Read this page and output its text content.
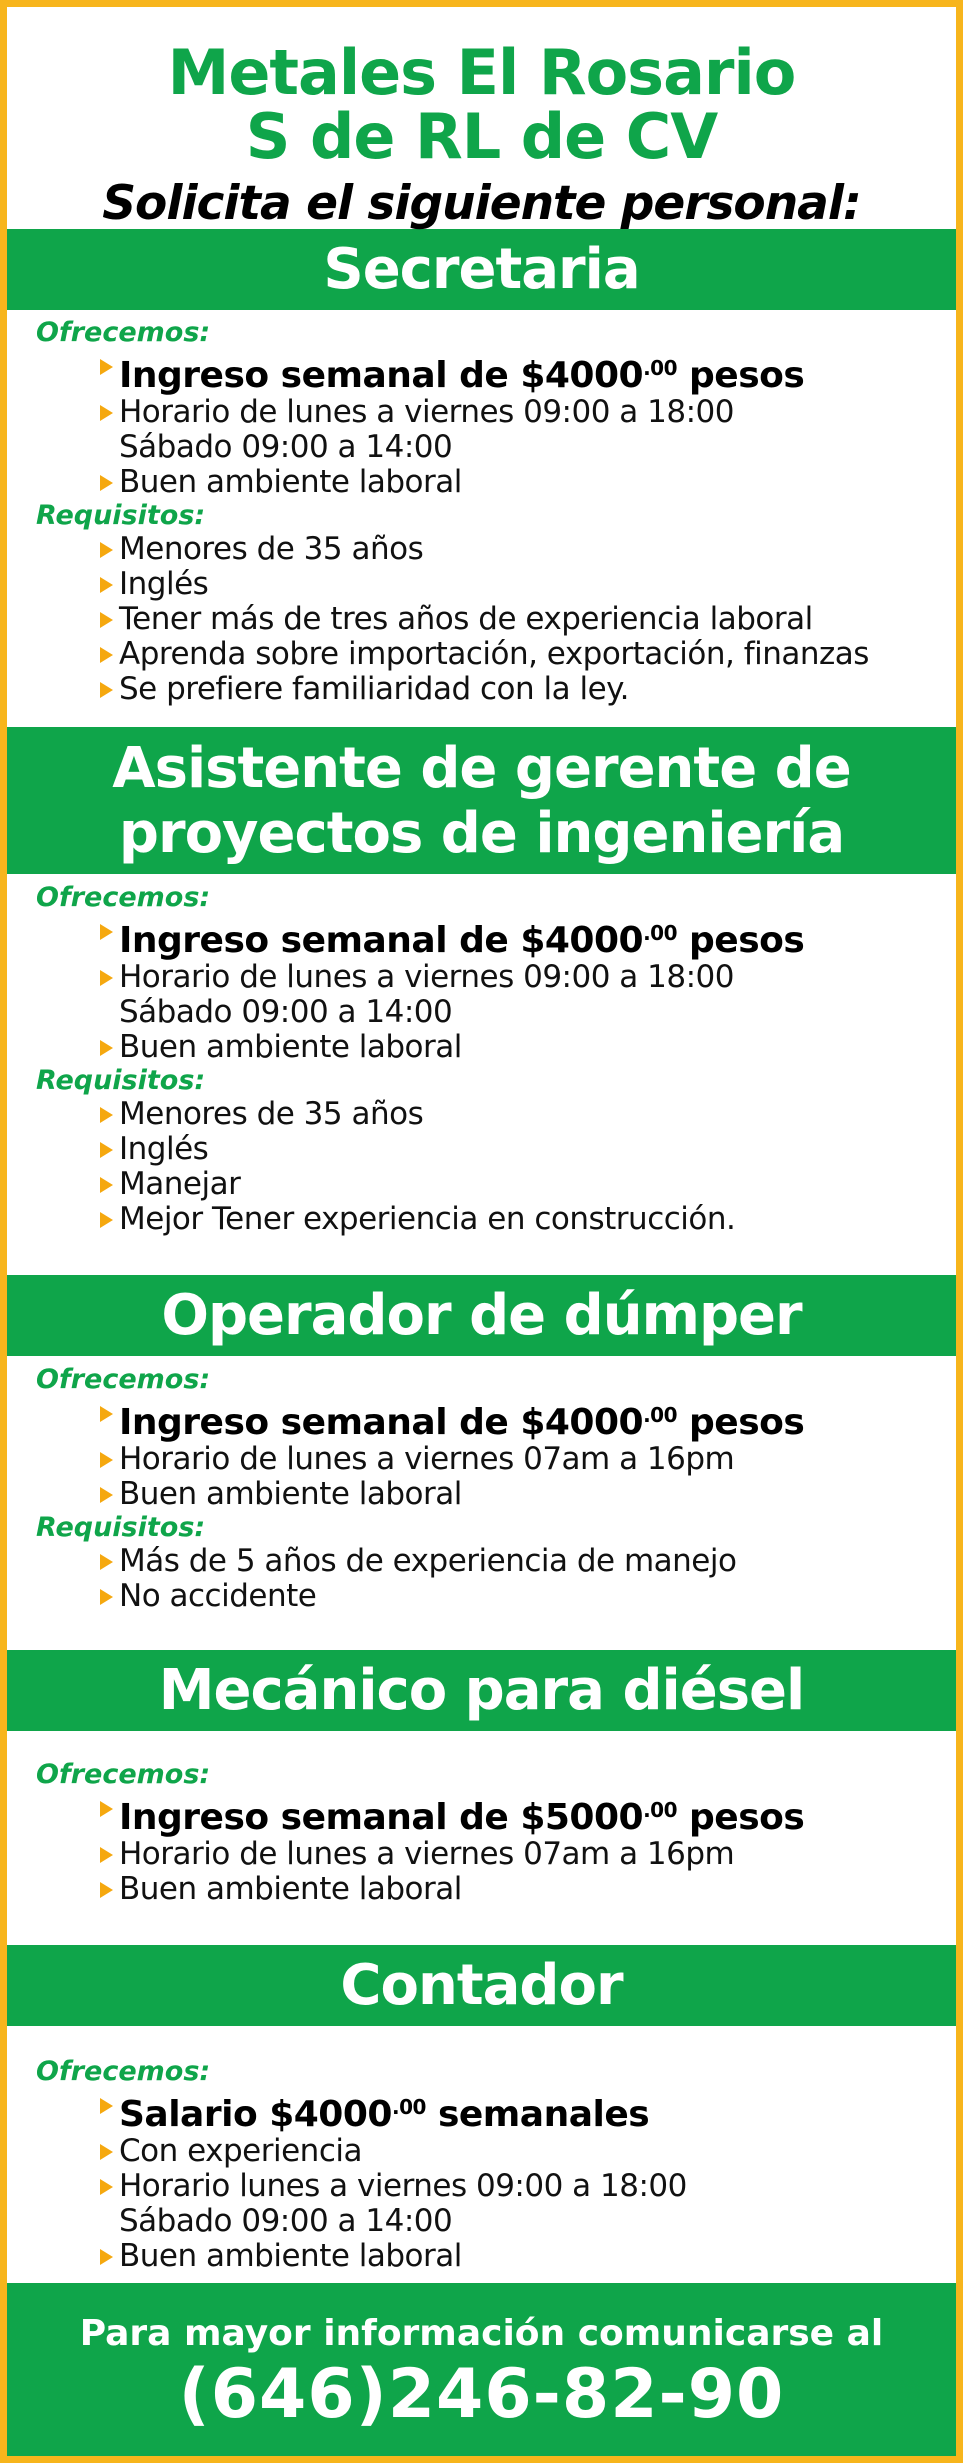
Metales El Rosario
S de RL de CV
Solicita el siguiente personal:
Secretaria
Ofrecemos:
Ingreso semanal de $\$4000^{.00}$ pesos
Horario de lunes a viernes 09:00 a 18:00
Sábado 09:00 a 14:00
Buen ambiente laboral
Requisitos:
Menores de 35 años
Inglés
Tener más de tres años de experiencia laboral
Aprenda sobre importación, exportación, finanzas
Se prefiere familiaridad con la ley.
Asistente de gerente de
proyectos de ingeniería
Ofrecemos:
Ingreso semanal de $\$4000^{.00}$ pesos
Horario de lunes a viernes 09:00 a 18:00
Sábado 09:00 a 14:00
Buen ambiente laboral
Requisitos:
Menores de 35 años
Inglés
Manejar
Mejor Tener experiencia en construcción.
Operador de dúmper
Ofrecemos:
Ingreso semanal de $\$4000^{.00}$ pesos
Horario de lunes a viernes 07am a 16pm
Buen ambiente laboral
Requisitos:
Más de 5 años de experiencia de manejo
No accidente
Mecánico para diésel
Ofrecemos:
Ingreso semanal de $\$5000^{.00}$ pesos
Horario de lunes a viernes 07am a 16pm
Buen ambiente laboral
Contador
Ofrecemos:
Salario $\$4000^{.00}$ semanales
Con experiencia
Horario lunes a viernes 09:00 a 18:00
Sábado 09:00 a 14:00
Buen ambiente laboral
Para mayor información comunicarse al
(646)246-82-90
